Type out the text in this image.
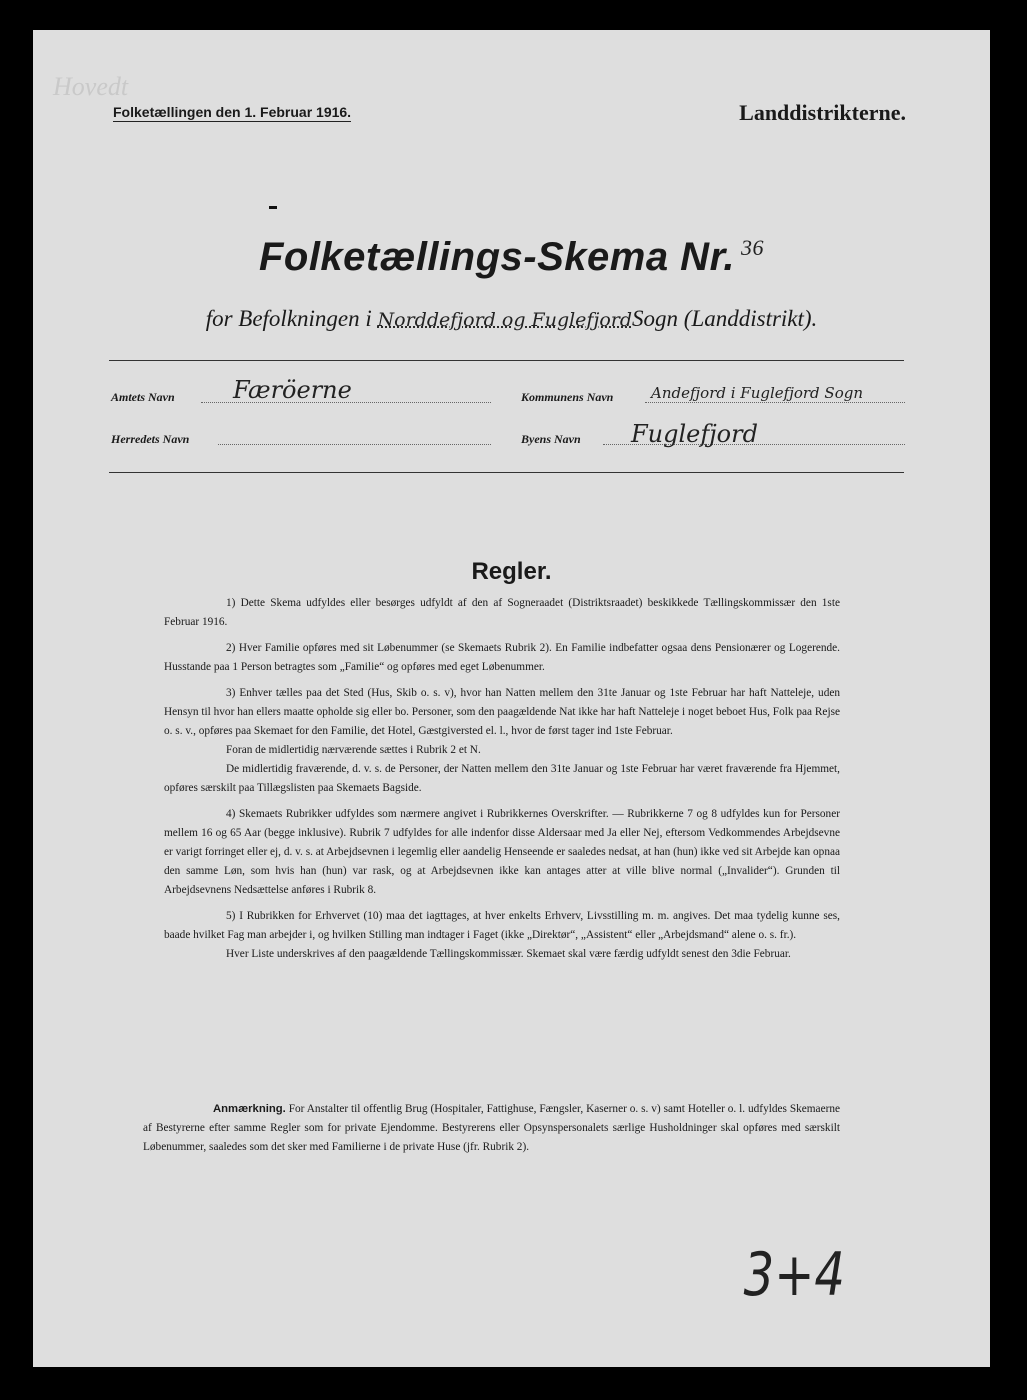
Hovedt
Folketællingen den 1. Februar 1916.	Landdistrikterne.
Folketællings-Skema Nr. $^{36}$
for Befolkningen i Norddefjord og FuglefjordSogn (Landdistrikt).
Amtets Navn Færöerne	Kommunens Navn	Andefjord i Fuglefjord Sogn
Herredets Navn	Byens Navn Fuglefjord
Regler.

1) Dette Skema udfyldes eller besørges udfyldt af den af Sogneraadet (Distriktsraadet) beskikkede Tællingskommissær den 1ste Februar 1916.

2) Hver Familie opføres med sit Løbenummer (se Skemaets Rubrik 2). En Familie indbefatter ogsaa dens Pensionærer og Logerende. Husstande paa 1 Person betragtes som „Familie“ og opføres med eget Løbenummer.

3) Enhver tælles paa det Sted (Hus, Skib o. s. v), hvor han Natten mellem den 31te Januar og 1ste Februar har haft Natteleje, uden Hensyn til hvor han ellers maatte opholde sig eller bo. Personer, som den paagældende Nat ikke har haft Natteleje i noget beboet Hus, Folk paa Rejse o. s. v., opføres paa Skemaet for den Familie, det Hotel, Gæstgiversted el. l., hvor de først tager ind 1ste Februar.

Foran de midlertidig nærværende sættes i Rubrik 2 et N.

De midlertidig fraværende, d. v. s. de Personer, der Natten mellem den 31te Januar og 1ste Februar har været fraværende fra Hjemmet, opføres særskilt paa Tillægslisten paa Skemaets Bagside.

4) Skemaets Rubrikker udfyldes som nærmere angivet i Rubrikkernes Overskrifter. — Rubrikkerne 7 og 8 udfyldes kun for Personer mellem 16 og 65 Aar (begge inklusive). Rubrik 7 udfyldes for alle indenfor disse Aldersaar med Ja eller Nej, eftersom Vedkommendes Arbejdsevne er varigt forringet eller ej, d. v. s. at Arbejdsevnen i legemlig eller aandelig Henseende er saaledes nedsat, at han (hun) ikke ved sit Arbejde kan opnaa den samme Løn, som hvis han (hun) var rask, og at Arbejdsevnen ikke kan antages atter at ville blive normal („Invalider“). Grunden til Arbejdsevnens Nedsættelse anføres i Rubrik 8.

5) I Rubrikken for Erhvervet (10) maa det iagttages, at hver enkelts Erhverv, Livsstilling m. m. angives. Det maa tydelig kunne ses, baade hvilket Fag man arbejder i, og hvilken Stilling man indtager i Faget (ikke „Direktør“, „Assistent“ eller „Arbejdsmand“ alene o. s. fr.).

Hver Liste underskrives af den paagældende Tællingskommissær. Skemaet skal være færdig udfyldt senest den 3die Februar.

Anmærkning. For Anstalter til offentlig Brug (Hospitaler, Fattighuse, Fængsler, Kaserner o. s. v) samt Hoteller o. l. udfyldes Skemaerne af Bestyrerne efter samme Regler som for private Ejendomme. Bestyrerens eller Opsynspersonalets særlige Husholdninger skal opføres med særskilt Løbenummer, saaledes som det sker med Familierne i de private Huse (jfr. Rubrik 2).

3+4
